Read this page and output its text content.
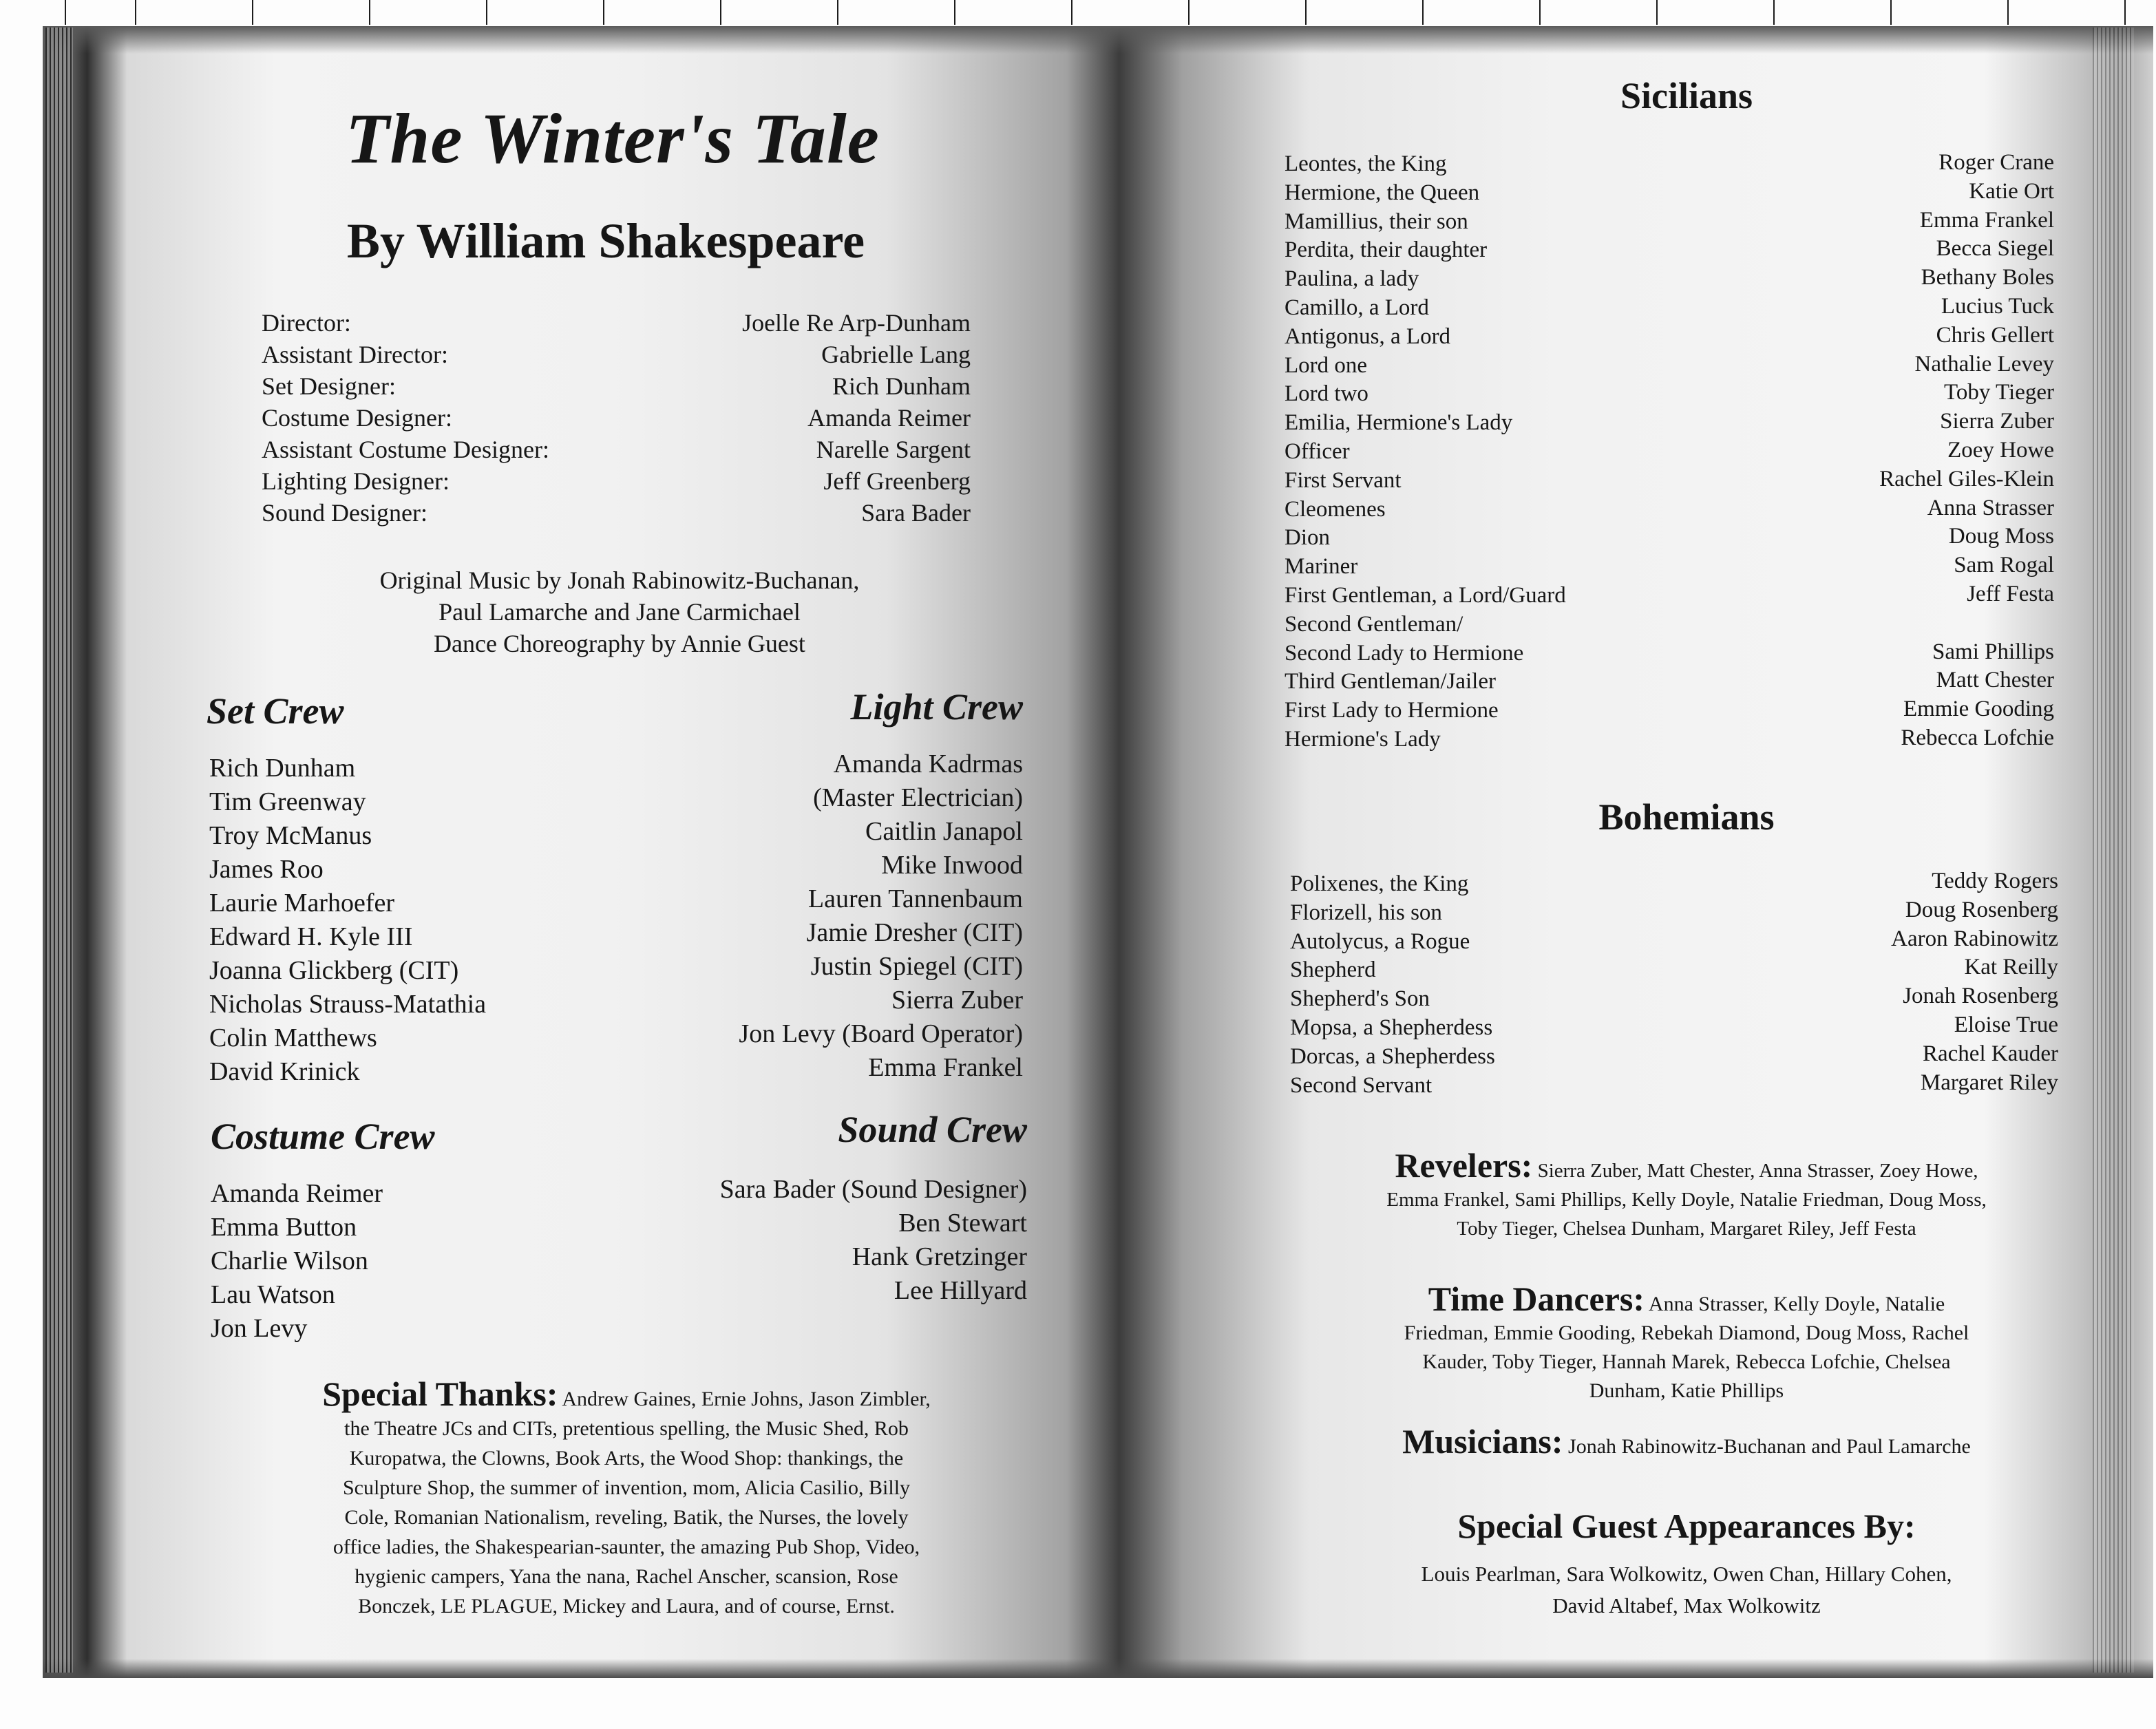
The Winter's Tale
By William Shakespeare
Director:
Assistant Director:
Set Designer:
Costume Designer:
Assistant Costume Designer:
Lighting Designer:
Sound Designer:
Joelle Re Arp-Dunham
Gabrielle Lang
Rich Dunham
Amanda Reimer
Narelle Sargent
Jeff Greenberg
Sara Bader
Original Music by Jonah Rabinowitz-Buchanan,
Paul Lamarche and Jane Carmichael
Dance Choreography by Annie Guest
Set Crew
Rich Dunham
Tim Greenway
Troy McManus
James Roo
Laurie Marhoefer
Edward H. Kyle III
Joanna Glickberg (CIT)
Nicholas Strauss-Matathia
Colin Matthews
David Krinick
Light Crew
Amanda Kadrmas
(Master Electrician)
Caitlin Janapol
Mike Inwood
Lauren Tannenbaum
Jamie Dresher (CIT)
Justin Spiegel (CIT)
Sierra Zuber
Jon Levy (Board Operator)
Emma Frankel
Costume Crew
Amanda Reimer
Emma Button
Charlie Wilson
Lau Watson
Jon Levy
Sound Crew
Sara Bader (Sound Designer)
Ben Stewart
Hank Gretzinger
Lee Hillyard
Special Thanks: Andrew Gaines, Ernie Johns, Jason Zimbler,
the Theatre JCs and CITs, pretentious spelling, the Music Shed, Rob
Kuropatwa, the Clowns, Book Arts, the Wood Shop: thankings, the
Sculpture Shop, the summer of invention, mom, Alicia Casilio, Billy
Cole, Romanian Nationalism, reveling, Batik, the Nurses, the lovely
office ladies, the Shakespearian-saunter, the amazing Pub Shop, Video,
hygienic campers, Yana the nana, Rachel Anscher, scansion, Rose
Bonczek, LE PLAGUE, Mickey and Laura, and of course, Ernst.
Sicilians
Leontes, the King
Hermione, the Queen
Mamillius, their son
Perdita, their daughter
Paulina, a lady
Camillo, a Lord
Antigonus, a Lord
Lord one
Lord two
Emilia, Hermione's Lady
Officer
First Servant
Cleomenes
Dion
Mariner
First Gentleman, a Lord/Guard
Second Gentleman/
Second Lady to Hermione
Third Gentleman/Jailer
First Lady to Hermione
Hermione's Lady
Roger Crane
Katie Ort
Emma Frankel
Becca Siegel
Bethany Boles
Lucius Tuck
Chris Gellert
Nathalie Levey
Toby Tieger
Sierra Zuber
Zoey Howe
Rachel Giles-Klein
Anna Strasser
Doug Moss
Sam Rogal
Jeff Festa

Sami Phillips
Matt Chester
Emmie Gooding
Rebecca Lofchie
Bohemians
Polixenes, the King
Florizell, his son
Autolycus, a Rogue
Shepherd
Shepherd's Son
Mopsa, a Shepherdess
Dorcas, a Shepherdess
Second Servant
Teddy Rogers
Doug Rosenberg
Aaron Rabinowitz
Kat Reilly
Jonah Rosenberg
Eloise True
Rachel Kauder
Margaret Riley
Revelers: Sierra Zuber, Matt Chester, Anna Strasser, Zoey Howe,
Emma Frankel, Sami Phillips, Kelly Doyle, Natalie Friedman, Doug Moss,
Toby Tieger, Chelsea Dunham, Margaret Riley, Jeff Festa
Time Dancers: Anna Strasser, Kelly Doyle, Natalie
Friedman, Emmie Gooding, Rebekah Diamond, Doug Moss, Rachel
Kauder, Toby Tieger, Hannah Marek, Rebecca Lofchie, Chelsea
Dunham, Katie Phillips
Musicians: Jonah Rabinowitz-Buchanan and Paul Lamarche
Special Guest Appearances By:
Louis Pearlman, Sara Wolkowitz, Owen Chan, Hillary Cohen,
David Altabef, Max Wolkowitz
